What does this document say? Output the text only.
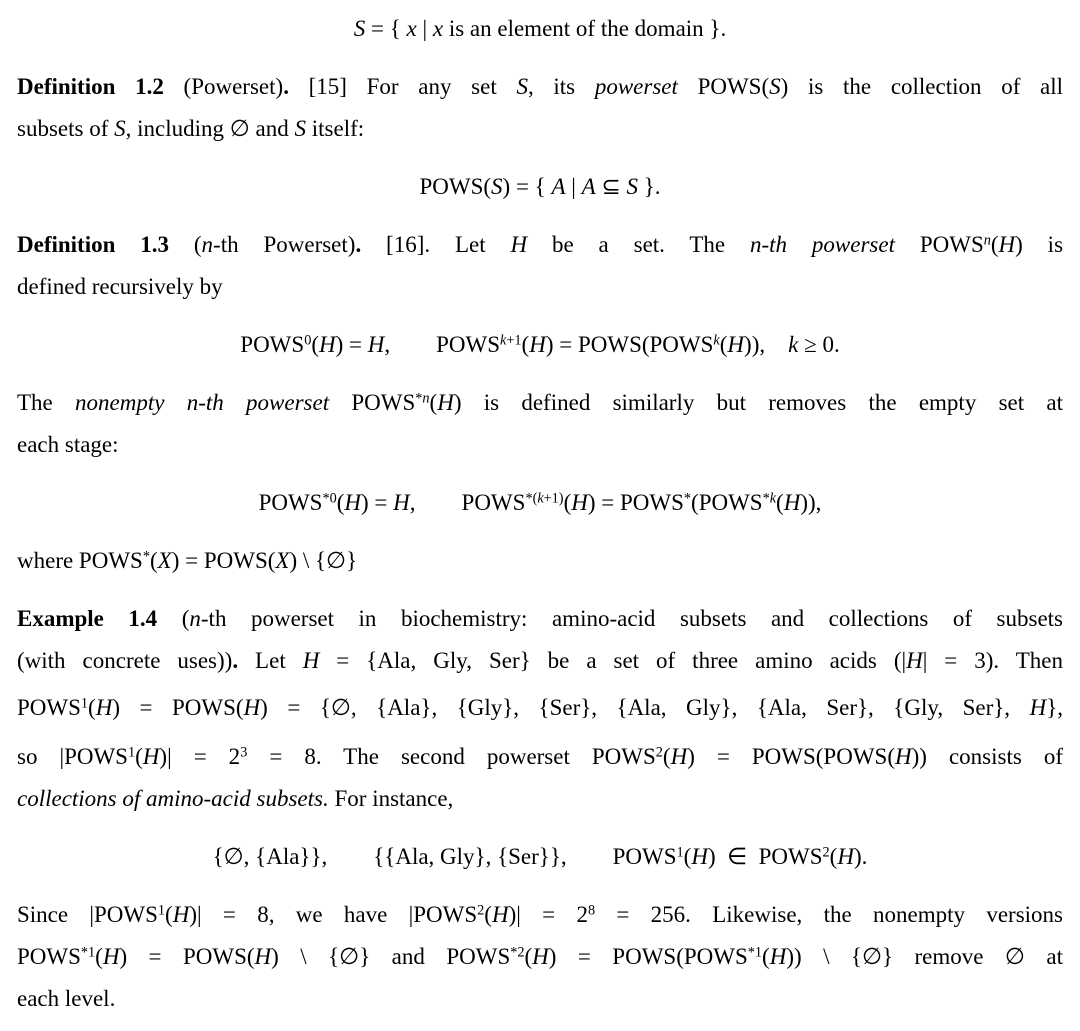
S = { x | x is an element of the domain }.
Definition 1.2 (Powerset). [15] For any set S, its powerset POWS(S) is the collection of all
subsets of S, including ∅ and S itself:
POWS(S) = { A | A ⊆ S }.
Definition 1.3 (n-th Powerset). [16]. Let H be a set. The n-th powerset POWS$^n$(H) is
defined recursively by
$POWS^0(H) = H$,  $POWS^{k+1}(H)$ = $POWS(POWS^k(H))$,  k ≥ 0.
The nonempty n-th powerset POWS$^{*n}$(H) is defined similarly but removes the empty set at
each stage:
$POWS^{*0}(H) = H$,  $POWS^{*(k+1)}(H)$ = $POWS^*(POWS^{*k}(H))$,
where POWS*(X) = POWS(X) \ {∅}
Example 1.4 (n-th powerset in biochemistry: amino-acid subsets and collections of subsets
(with concrete uses)). Let H = {Ala, Gly, Ser} be a set of three amino acids (|H| = 3). Then
$POWS^1(H)$ = POWS(H) = {∅, {Ala}, {Gly}, {Ser}, {Ala, Gly}, {Ala, Ser}, {Gly, Ser}, H},
so $|POWS^1(H)| = 2^3 = 8$. The second powerset $POWS^2(H)$ = POWS(POWS(H)) consists of
collections of amino-acid subsets. For instance,
{∅, {Ala}},  {{Ala, Gly}, {Ser}},  POWS$^1$(H) ∈ POWS$^2$(H).
Since $|POWS^1(H)| = 8$, we have $|POWS^2(H)| = 2^8 = 256$. Likewise, the nonempty versions
$POWS^{*1}(H)$ = POWS(H) \ {∅} and $POWS^{*2}(H)$ = $POWS(POWS^{*1}(H))$ \ {∅} remove ∅ at
each level.
